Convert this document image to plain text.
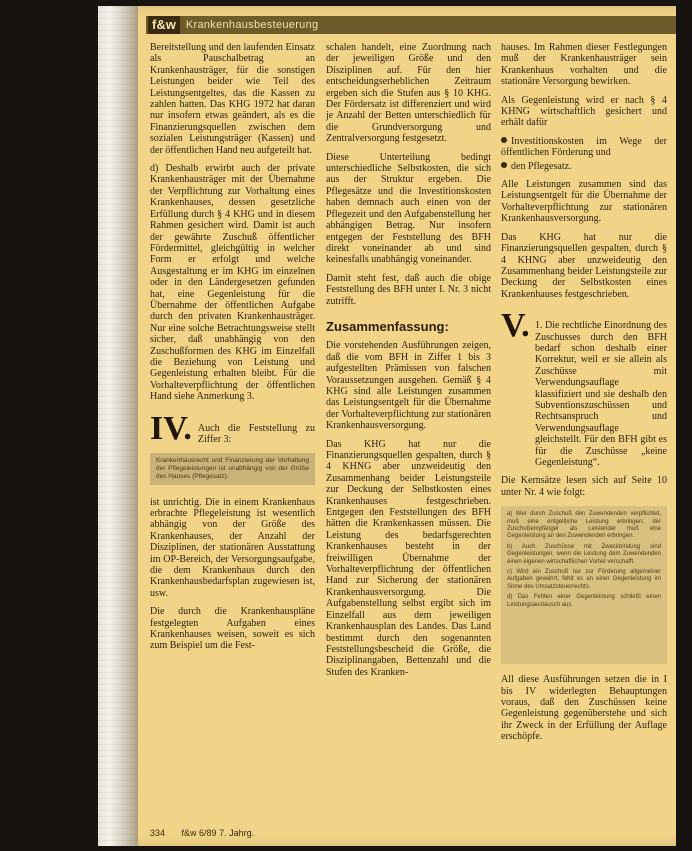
f&w Krankenhausbesteuerung

Bereitstellung und den laufenden Einsatz als Pauschalbetrag an Krankenhausträger, für die sonstigen Leistungen beider wie Teil des Leistungsentgeltes, das die Kassen zu zahlen hatten. Das KHG 1972 hat daran nur insofern etwas geändert, als es die Finanzierungsquellen zwischen dem sozialen Leistungsträger (Kassen) und der öffentlichen Hand neu aufgeteilt hat.

d) Deshalb erwirbt auch der private Krankenhausträger mit der Übernahme der Verpflichtung zur Vorhaltung eines Krankenhauses, dessen gesetzliche Erfüllung durch § 4 KHG und in diesem Rahmen gesichert wird. Damit ist auch der gewährte Zuschuß öffentlicher Fördermittel, gleichgültig in welcher Form er erfolgt und welche Ausgestaltung er im KHG im einzelnen oder in den Ländergesetzen gefunden hat, eine Gegenleistung für die Übernahme der öffentlichen Aufgabe durch den privaten Krankenhausträger. Nur eine solche Betrachtungsweise stellt sicher, daß unabhängig von den Zuschußformen des KHG im Einzelfall die Beziehung von Leistung und Gegenleistung erhalten bleibt. Für die Vorhalteverpflichtung der öffentlichen Hand siehe Anmerkung 3.

IV. Auch die Feststellung zu Ziffer 3:
Krankenhausrecht und Finanzierung der Vorhaltung der Pflegeleistungen ist unabhängig von der Größe des Hauses (Pflegesatz).

ist unrichtig. Die in einem Krankenhaus erbrachte Pflegeleistung ist wesentlich abhängig von der Größe des Krankenhauses, der Anzahl der Disziplinen, der stationären Ausstattung im OP-Bereich, der Versorgungsaufgabe, die dem Krankenhaus durch den Krankenhausbedarfsplan zugewiesen ist, usw.

Die durch die Krankenhauspläne festgelegten Aufgaben eines Krankenhauses weisen, soweit es sich zum Beispiel um die Fest-

schalen handelt, eine Zuordnung nach der jeweiligen Größe und den Disziplinen auf. Für den hier entscheidungserheblichen Zeitraum ergeben sich die Stufen aus § 10 KHG. Der Fördersatz ist differenziert und wird je Anzahl der Betten unterschiedlich für die Grundversorgung und Zentralversorgung festgesetzt.

Diese Unterteilung bedingt unterschiedliche Selbstkosten, die sich aus der Struktur ergeben. Die Pflegesätze und die Investitionskosten haben demnach auch einen von der Pflegezeit und den Aufgabenstellung her abhängigen Betrag. Nur insofern entgegen der Feststellung des BFH direkt voneinander ab und sind keinesfalls unabhängig voneinander.

Damit steht fest, daß auch die obige Feststellung des BFH unter I. Nr. 3 nicht zutrifft.

Zusammenfassung:

Die vorstehenden Ausführungen zeigen, daß die vom BFH in Ziffer 1 bis 3 aufgestellten Prämissen von falschen Voraussetzungen ausgehen. Gemäß § 4 KHG sind alle Leistungen zusammen das Leistungsentgelt für die Übernahme der Vorhalteverpflichtung zur stationären Krankenhausversorgung.

Das KHG hat nur die Finanzierungsquellen gespalten, durch § 4 KHNG aber unzweideutig den Zusammenhang beider Leistungsteile zur Deckung der Selbstkosten eines Krankenhauses festgeschrieben. Entgegen den Feststellungen des BFH hätten die Krankenkassen müssen. Die Leistung des bedarfsgerechten Krankenhauses besteht in der freiwilligen Übernahme der Vorhalteverpflichtung der öffentlichen Hand zur Sicherung der stationären Krankenhausversorgung. Die Aufgabenstellung selbst ergibt sich im Einzelfall aus dem jeweiligen Krankenhausplan des Landes. Das Land bestimmt durch den sogenannten Feststellungsbescheid die Größe, die Disziplinangaben, Bettenzahl und die Stufen des Kranken-

hauses. Im Rahmen dieser Festlegungen muß der Krankenhausträger sein Krankenhaus vorhalten und die stationäre Versorgung bewirken.

Als Gegenleistung wird er nach § 4 KHNG wirtschaftlich gesichert und erhält dafür

Investitionskosten im Wege der öffentlichen Förderung und
den Pflegesatz.

Alle Leistungen zusammen sind das Leistungsentgelt für die Übernahme der Vorhalteverpflichtung zur stationären Krankenhausversorgung.

Das KHG hat nur die Finanzierungsquellen gespalten, durch § 4 KHNG aber unzweideutig den Zusammenhang beider Leistungsteile zur Deckung der Selbstkosten eines Krankenhauses festgeschrieben.

V. 1. Die rechtliche Einordnung des Zuschusses durch den BFH bedarf schon deshalb einer Korrektur, weil er sie allein als Zuschüsse mit Verwendungsauflage klassifiziert und sie deshalb den Subventionszuschüssen und Rechtsanspruch und Verwendungsauflage gleichstellt. Für den BFH gibt es für die Zuschüsse „keine Gegenleistung“.

Die Kernsätze lesen sich auf Seite 10 unter Nr. 4 wie folgt:

a) Wer durch Zuschuß den Zuwendenden verpflichtet, muß eine entgeltliche Leistung erbringen; der Zuschußempfänger als Leistender muß eine Gegenleistung an den Zuwendenden erbringen.
b) Auch Zuschüsse mit Zweckbindung sind Gegenleistungen, wenn die Leistung dem Zuwendenden einen eigenen wirtschaftlichen Vorteil verschafft.
c) Wird ein Zuschuß nur zur Förderung allgemeiner Aufgaben gewährt, fehlt es an einer Gegenleistung im Sinne des Umsatzsteuerrechts.
d) Das Fehlen einer Gegenleistung schließt einen Leistungsaustausch aus.

All diese Ausführungen setzen die in I bis IV widerlegten Behauptungen voraus, daß den Zuschüssen keine Gegenleistung gegenüberstehe und sich ihr Zweck in der Erfüllung der Auflage erschöpfe.

334 f&w 6/89 7. Jahrg.
